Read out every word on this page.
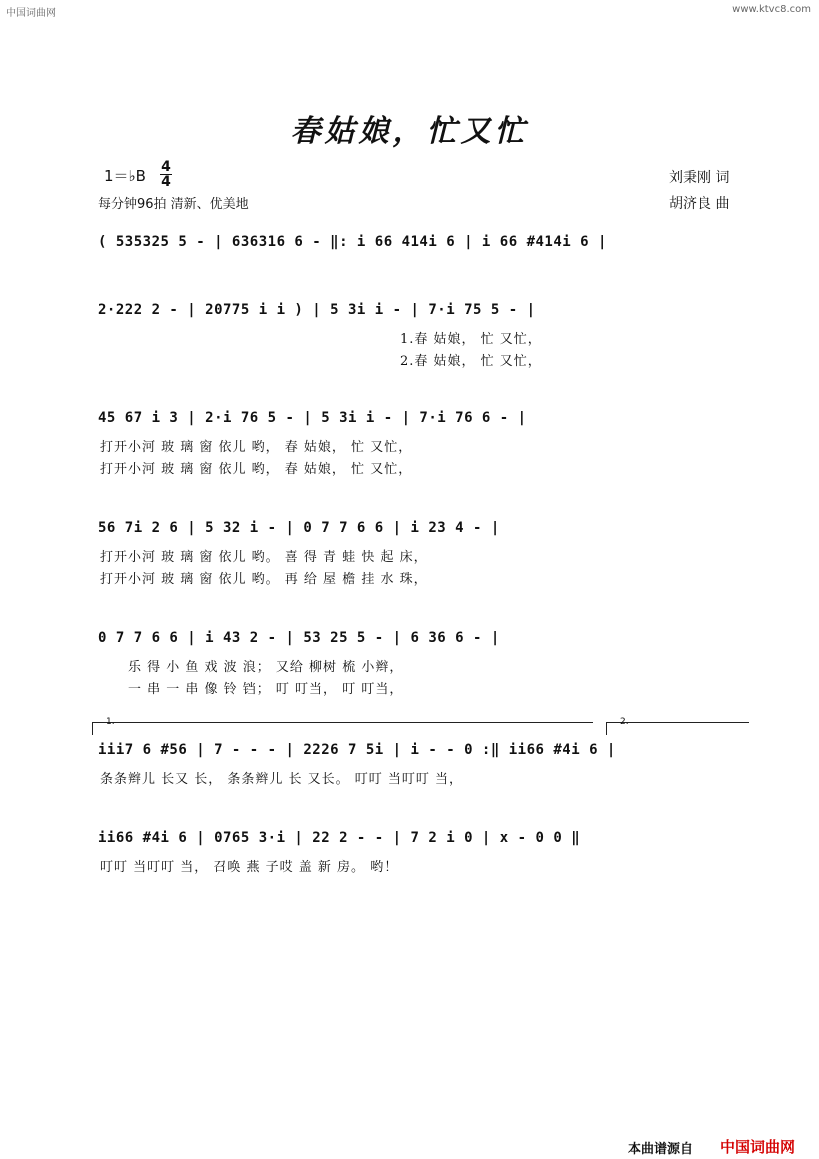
中国词曲网	www.ktvc8.com
春姑娘，忙又忙
1＝♭B 4
4
每分钟96拍 清新、优美地
刘秉刚 词
胡济良 曲
( 535325 5 - | 636316 6 - ‖: i 66 414i 6 | i 66 #414i 6 |
2·222 2 - | 20775 i i ) | 5 3i i - | 7·i 75 5 - |
1.春 姑娘， 忙 又忙，
2.春 姑娘， 忙 又忙，
45 67 i 3 | 2·i 76 5 - | 5 3i i - | 7·i 76 6 - |
打开小河 玻 璃 窗 依儿 哟， 春 姑娘， 忙 又忙，
打开小河 玻 璃 窗 依儿 哟， 春 姑娘， 忙 又忙，
56 7i 2 6 | 5 32 i - | 0 7 7 6 6 | i 23 4 - |
打开小河 玻 璃 窗 依儿 哟。 喜 得 青 蛙 快 起 床，
打开小河 玻 璃 窗 依儿 哟。 再 给 屋 檐 挂 水 珠，
0 7 7 6 6 | i 43 2 - | 53 25 5 - | 6 36 6 - |
乐 得 小 鱼 戏 波 浪； 又给 柳树 梳 小辫，
一 串 一 串 像 铃 铛； 叮 叮当， 叮 叮当，
1.	2.
iii7 6 #56 | 7 - - - | 2226 7 5i | i - - 0 :‖ ii66 #4i 6 |
条条辫儿 长又 长， 条条辫儿 长 又长。 叮叮 当叮叮 当，
ii66 #4i 6 | 0765 3·i | 22 2 - - | 7 2 i 0 | x - 0 0 ‖
叮叮 当叮叮 当， 召唤 燕 子哎 盖 新 房。 哟！
本曲谱源自 中国词曲网
